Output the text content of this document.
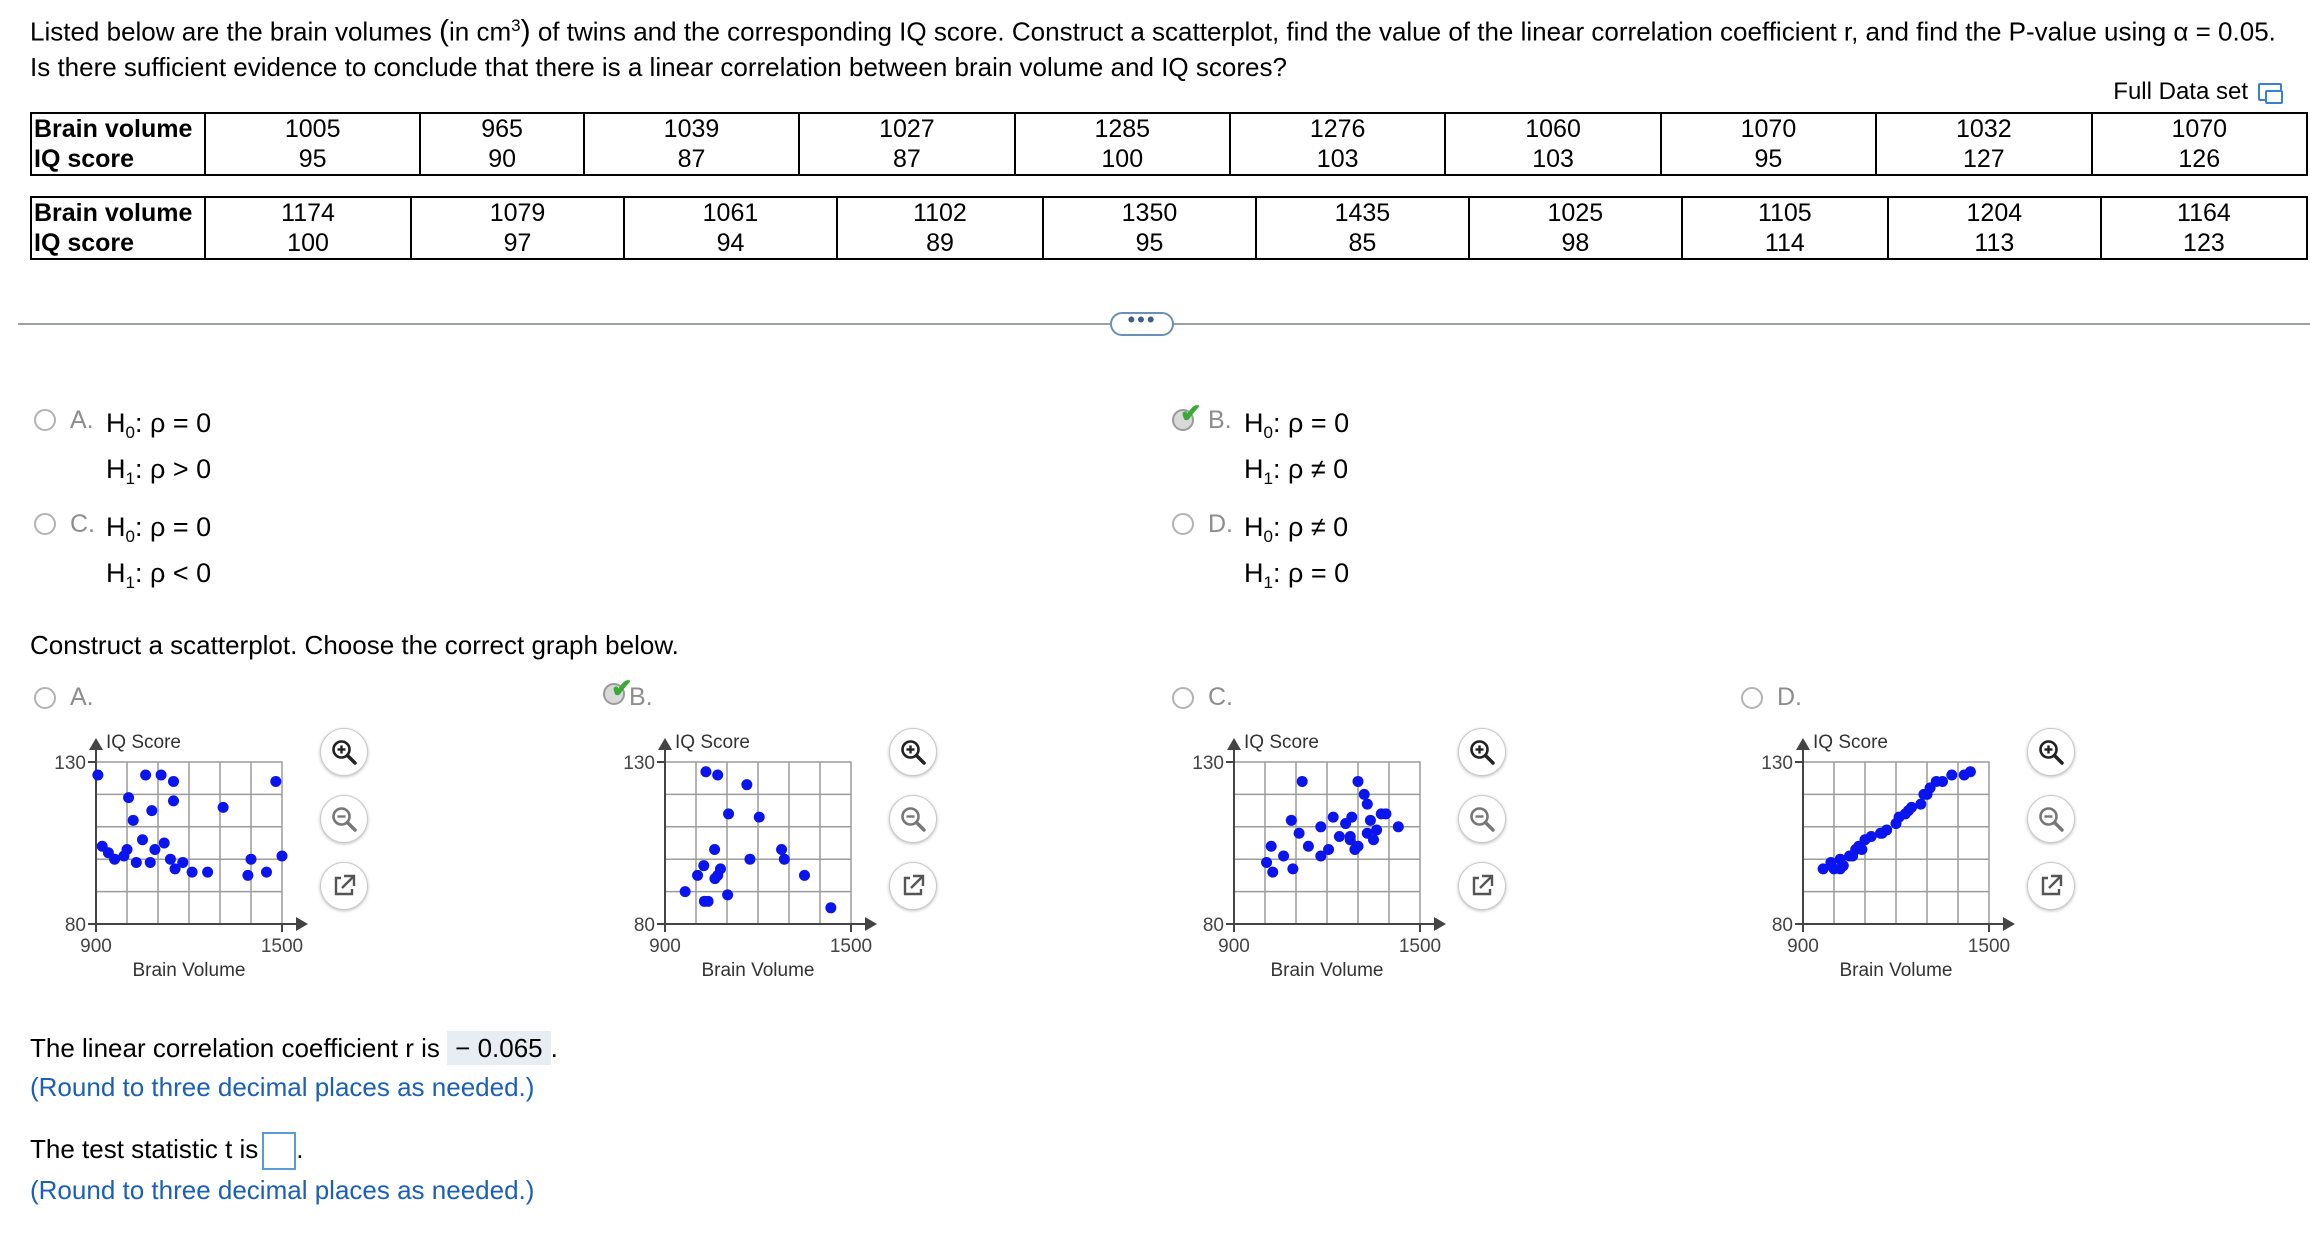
Listed below are the brain volumes (in $cm^3$) of twins and the corresponding IQ score. Construct a scatterplot, find the value of the linear correlation coefficient r, and find the P-value using α = 0.05.
Is there sufficient evidence to conclude that there is a linear correlation between brain volume and IQ scores?
Full Data set
Brain volume	1005	965	1039	1027	1285	1276	1060	1070	1032	1070
IQ score	95	90	87	87	100	103	103	95	127	126
Brain volume	1174	1079	1061	1102	1350	1435	1025	1105	1204	1164
IQ score	100	97	94	89	95	85	98	114	113	123
•••
A. $H_0$: ρ = 0
$H_1$: ρ > 0
✔ B. $H_0$: ρ = 0
$H_1$: ρ ≠ 0
C. $H_0$: ρ = 0
$H_1$: ρ < 0
D. $H_0$: ρ ≠ 0
$H_1$: ρ = 0
Construct a scatterplot. Choose the correct graph below.
A.	✔
B.	C.	D.
130
80
900	1500
IQ Score
Brain Volume
130
80
900	1500
IQ Score
Brain Volume
130
80
900	1500
IQ Score
Brain Volume
130
80
900	1500
IQ Score
Brain Volume
The linear correlation coefficient r is − 0.065 .
(Round to three decimal places as needed.)
The test statistic t is .
(Round to three decimal places as needed.)
